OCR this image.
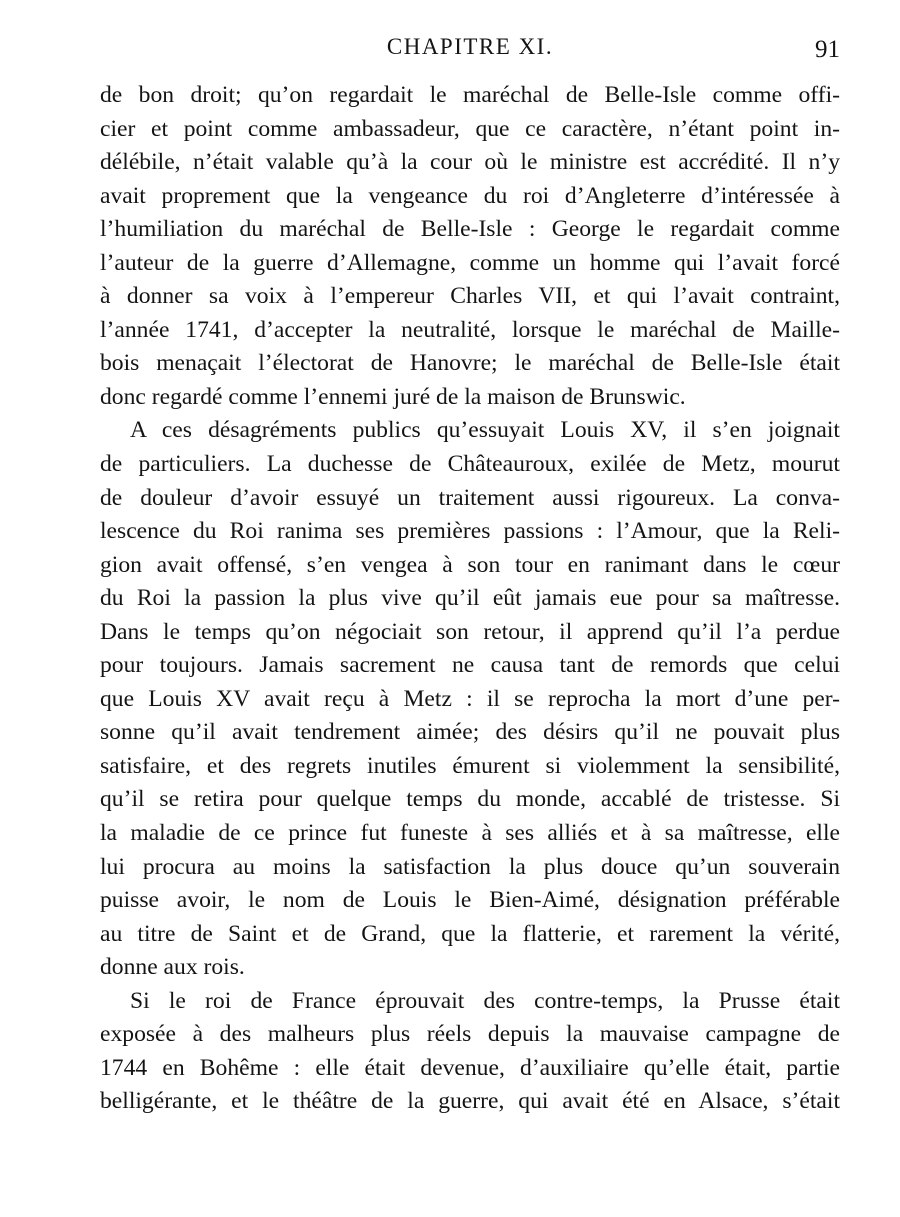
CHAPITRE XI.	91
de bon droit; qu’on regardait le maréchal de Belle-Isle comme offi-
cier et point comme ambassadeur, que ce caractère, n’étant point in-
délébile, n’était valable qu’à la cour où le ministre est accrédité. Il n’y
avait proprement que la vengeance du roi d’Angleterre d’intéressée à
l’humiliation du maréchal de Belle-Isle : George le regardait comme
l’auteur de la guerre d’Allemagne, comme un homme qui l’avait forcé
à donner sa voix à l’empereur Charles VII, et qui l’avait contraint,
l’année 1741, d’accepter la neutralité, lorsque le maréchal de Maille-
bois menaçait l’électorat de Hanovre; le maréchal de Belle-Isle était
donc regardé comme l’ennemi juré de la maison de Brunswic.
A ces désagréments publics qu’essuyait Louis XV, il s’en joignait
de particuliers. La duchesse de Châteauroux, exilée de Metz, mourut
de douleur d’avoir essuyé un traitement aussi rigoureux. La conva-
lescence du Roi ranima ses premières passions : l’Amour, que la Reli-
gion avait offensé, s’en vengea à son tour en ranimant dans le cœur
du Roi la passion la plus vive qu’il eût jamais eue pour sa maîtresse.
Dans le temps qu’on négociait son retour, il apprend qu’il l’a perdue
pour toujours. Jamais sacrement ne causa tant de remords que celui
que Louis XV avait reçu à Metz : il se reprocha la mort d’une per-
sonne qu’il avait tendrement aimée; des désirs qu’il ne pouvait plus
satisfaire, et des regrets inutiles émurent si violemment la sensibilité,
qu’il se retira pour quelque temps du monde, accablé de tristesse. Si
la maladie de ce prince fut funeste à ses alliés et à sa maîtresse, elle
lui procura au moins la satisfaction la plus douce qu’un souverain
puisse avoir, le nom de Louis le Bien-Aimé, désignation préférable
au titre de Saint et de Grand, que la flatterie, et rarement la vérité,
donne aux rois.
Si le roi de France éprouvait des contre-temps, la Prusse était
exposée à des malheurs plus réels depuis la mauvaise campagne de
1744 en Bohême : elle était devenue, d’auxiliaire qu’elle était, partie
belligérante, et le théâtre de la guerre, qui avait été en Alsace, s’était
